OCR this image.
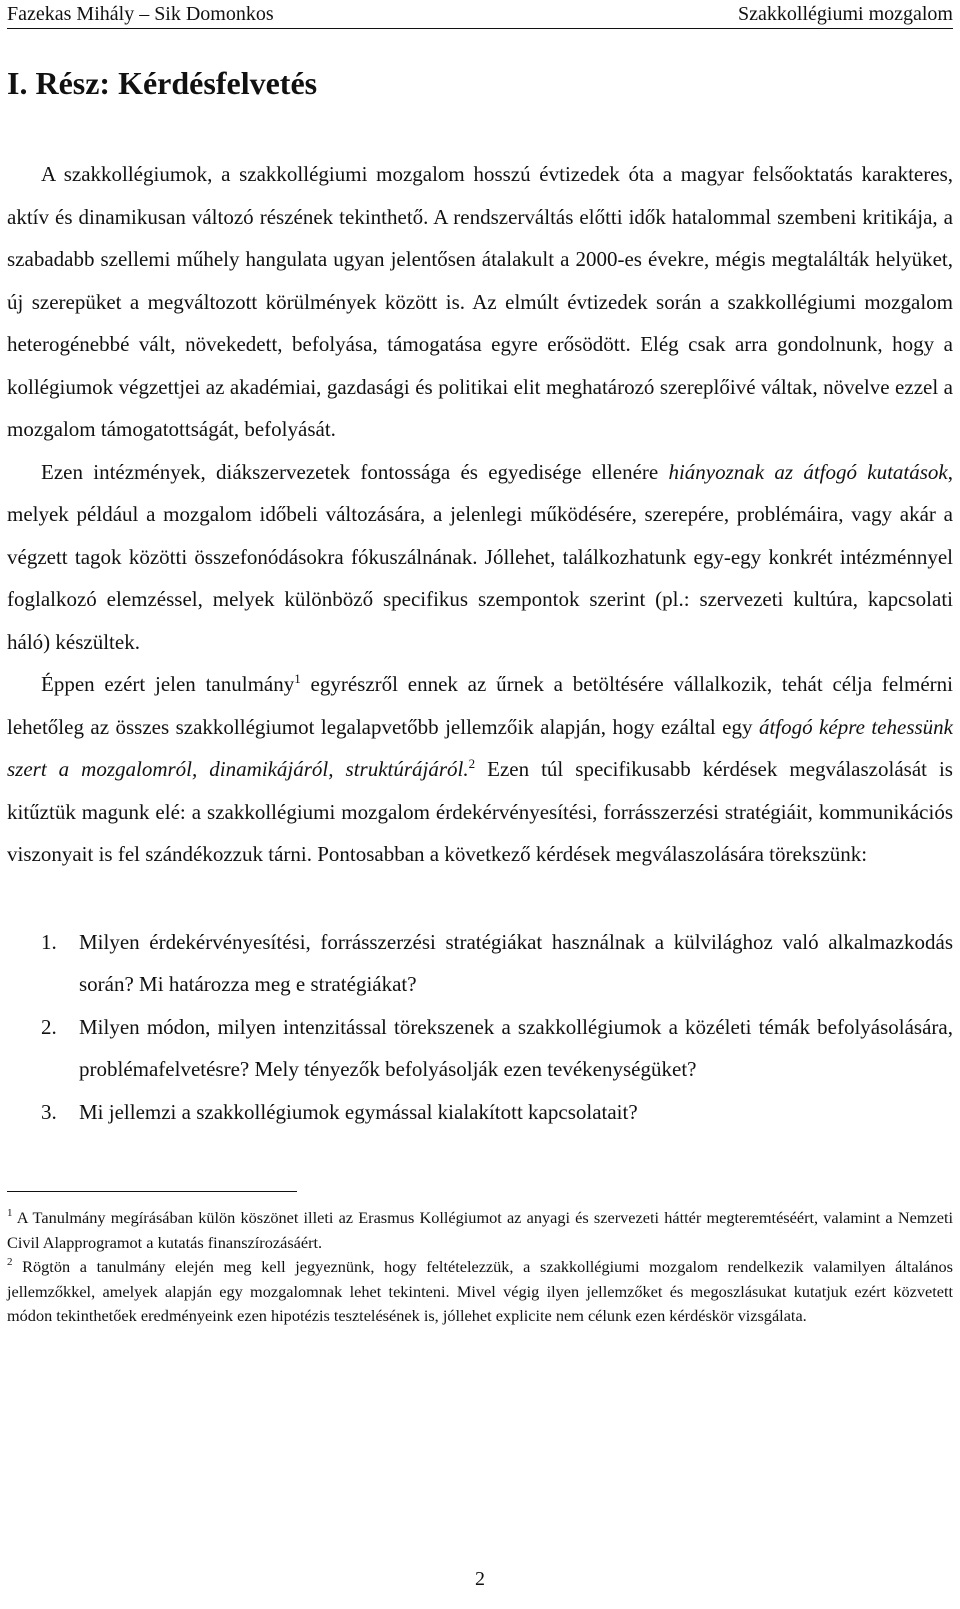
Fazekas Mihály – Sik Domonkos	Szakkollégiumi mozgalom
I. Rész: Kérdésfelvetés

A szakkollégiumok, a szakkollégiumi mozgalom hosszú évtizedek óta a magyar felsőoktatás karakteres, aktív és dinamikusan változó részének tekinthető. A rendszerváltás előtti idők hatalommal szembeni kritikája, a szabadabb szellemi műhely hangulata ugyan jelentősen átalakult a 2000-es évekre, mégis megtalálták helyüket, új szerepüket a megváltozott körülmények között is. Az elmúlt évtizedek során a szakkollégiumi mozgalom heterogénebbé vált, növekedett, befolyása, támogatása egyre erősödött. Elég csak arra gondolnunk, hogy a kollégiumok végzettjei az akadémiai, gazdasági és politikai elit meghatározó szereplőivé váltak, növelve ezzel a mozgalom támogatottságát, befolyását.

Ezen intézmények, diákszervezetek fontossága és egyedisége ellenére hiányoznak az átfogó kutatások, melyek például a mozgalom időbeli változására, a jelenlegi működésére, szerepére, problémáira, vagy akár a végzett tagok közötti összefonódásokra fókuszálnának. Jóllehet, találkozhatunk egy-egy konkrét intézménnyel foglalkozó elemzéssel, melyek különböző specifikus szempontok szerint (pl.: szervezeti kultúra, kapcsolati háló) készültek.

Éppen ezért jelen tanulmány$^1$ egyrészről ennek az űrnek a betöltésére vállalkozik, tehát célja felmérni lehetőleg az összes szakkollégiumot legalapvetőbb jellemzőik alapján, hogy ezáltal egy átfogó képre tehessünk szert a mozgalomról, dinamikájáról, struktúrájáról.$^2$ Ezen túl specifikusabb kérdések megválaszolását is kitűztük magunk elé: a szakkollégiumi mozgalom érdekérvényesítési, forrásszerzési stratégiáit, kommunikációs viszonyait is fel szándékozzuk tárni. Pontosabban a következő kérdések megválaszolására törekszünk:

1.	Milyen érdekérvényesítési, forrásszerzési stratégiákat használnak a külvilághoz való alkalmazkodás során? Mi határozza meg e stratégiákat?
2.	Milyen módon, milyen intenzitással törekszenek a szakkollégiumok a közéleti témák befolyásolására, problémafelvetésre? Mely tényezők befolyásolják ezen tevékenységüket?
3.	Mi jellemzi a szakkollégiumok egymással kialakított kapcsolatait?

$^1$ A Tanulmány megírásában külön köszönet illeti az Erasmus Kollégiumot az anyagi és szervezeti háttér megteremtéséért, valamint a Nemzeti Civil Alapprogramot a kutatás finanszírozásáért.

$^2$ Rögtön a tanulmány elején meg kell jegyeznünk, hogy feltételezzük, a szakkollégiumi mozgalom rendelkezik valamilyen általános jellemzőkkel, amelyek alapján egy mozgalomnak lehet tekinteni. Mivel végig ilyen jellemzőket és megoszlásukat kutatjuk ezért közvetett módon tekinthetőek eredményeink ezen hipotézis tesztelésének is, jóllehet explicite nem célunk ezen kérdéskör vizsgálata.

2
